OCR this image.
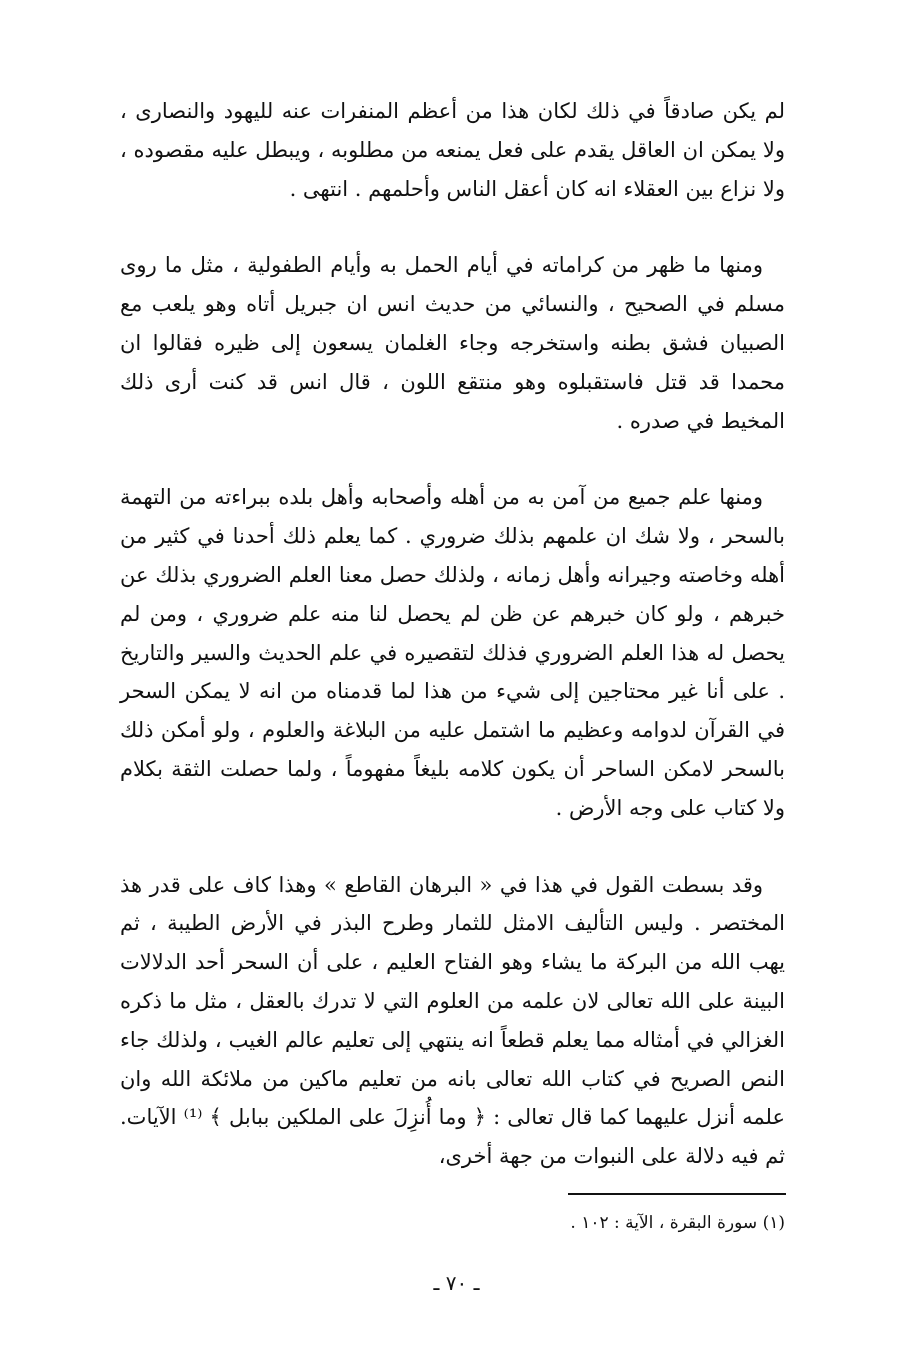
لم يكن صادقاً في ذلك لكان هذا من أعظم المنفرات عنه لليهود والنصارى ، ولا يمكن ان العاقل يقدم على فعل يمنعه من مطلوبه ، ويبطل عليه مقصوده ، ولا نزاع بين العقلاء انه كان أعقل الناس وأحلمهم . انتهى .

ومنها ما ظهر من كراماته في أيام الحمل به وأيام الطفولية ، مثل ما روى مسلم في الصحيح ، والنسائي من حديث انس ان جبريل أتاه وهو يلعب مع الصبيان فشق بطنه واستخرجه وجاء الغلمان يسعون إلى ظيره فقالوا ان محمدا قد قتل فاستقبلوه وهو منتقع اللون ، قال انس قد كنت أرى ذلك المخيط في صدره .

ومنها علم جميع من آمن به من أهله وأصحابه وأهل بلده ببراءته من التهمة بالسحر ، ولا شك ان علمهم بذلك ضروري . كما يعلم ذلك أحدنا في كثير من أهله وخاصته وجيرانه وأهل زمانه ، ولذلك حصل معنا العلم الضروري بذلك عن خبرهم ، ولو كان خبرهم عن ظن لم يحصل لنا منه علم ضروري ، ومن لم يحصل له هذا العلم الضروري فذلك لتقصيره في علم الحديث والسير والتاريخ . على أنا غير محتاجين إلى شيء من هذا لما قدمناه من انه لا يمكن السحر في القرآن لدوامه وعظيم ما اشتمل عليه من البلاغة والعلوم ، ولو أمكن ذلك بالسحر لامكن الساحر أن يكون كلامه بليغاً مفهوماً ، ولما حصلت الثقة بكلام ولا كتاب على وجه الأرض .

وقد بسطت القول في هذا في « البرهان القاطع » وهذا كاف على قدر هذ المختصر . وليس التأليف الامثل للثمار وطرح البذر في الأرض الطيبة ، ثم يهب الله من البركة ما يشاء وهو الفتاح العليم ، على أن السحر أحد الدلالات البينة على الله تعالى لان علمه من العلوم التي لا تدرك بالعقل ، مثل ما ذكره الغزالي في أمثاله مما يعلم قطعاً انه ينتهي إلى تعليم عالم الغيب ، ولذلك جاء النص الصريح في كتاب الله تعالى بانه من تعليم ماكين من ملائكة الله وان علمه أنزل عليهما كما قال تعالى : ﴿ وما أُنزِلَ على الملكين ببابل ﴾ ⁽¹⁾ الآيات. ثم فيه دلالة على النبوات من جهة أخرى،

(١) سورة البقرة ، الآية : ١٠٢ .
ـ ٧٠ ـ
